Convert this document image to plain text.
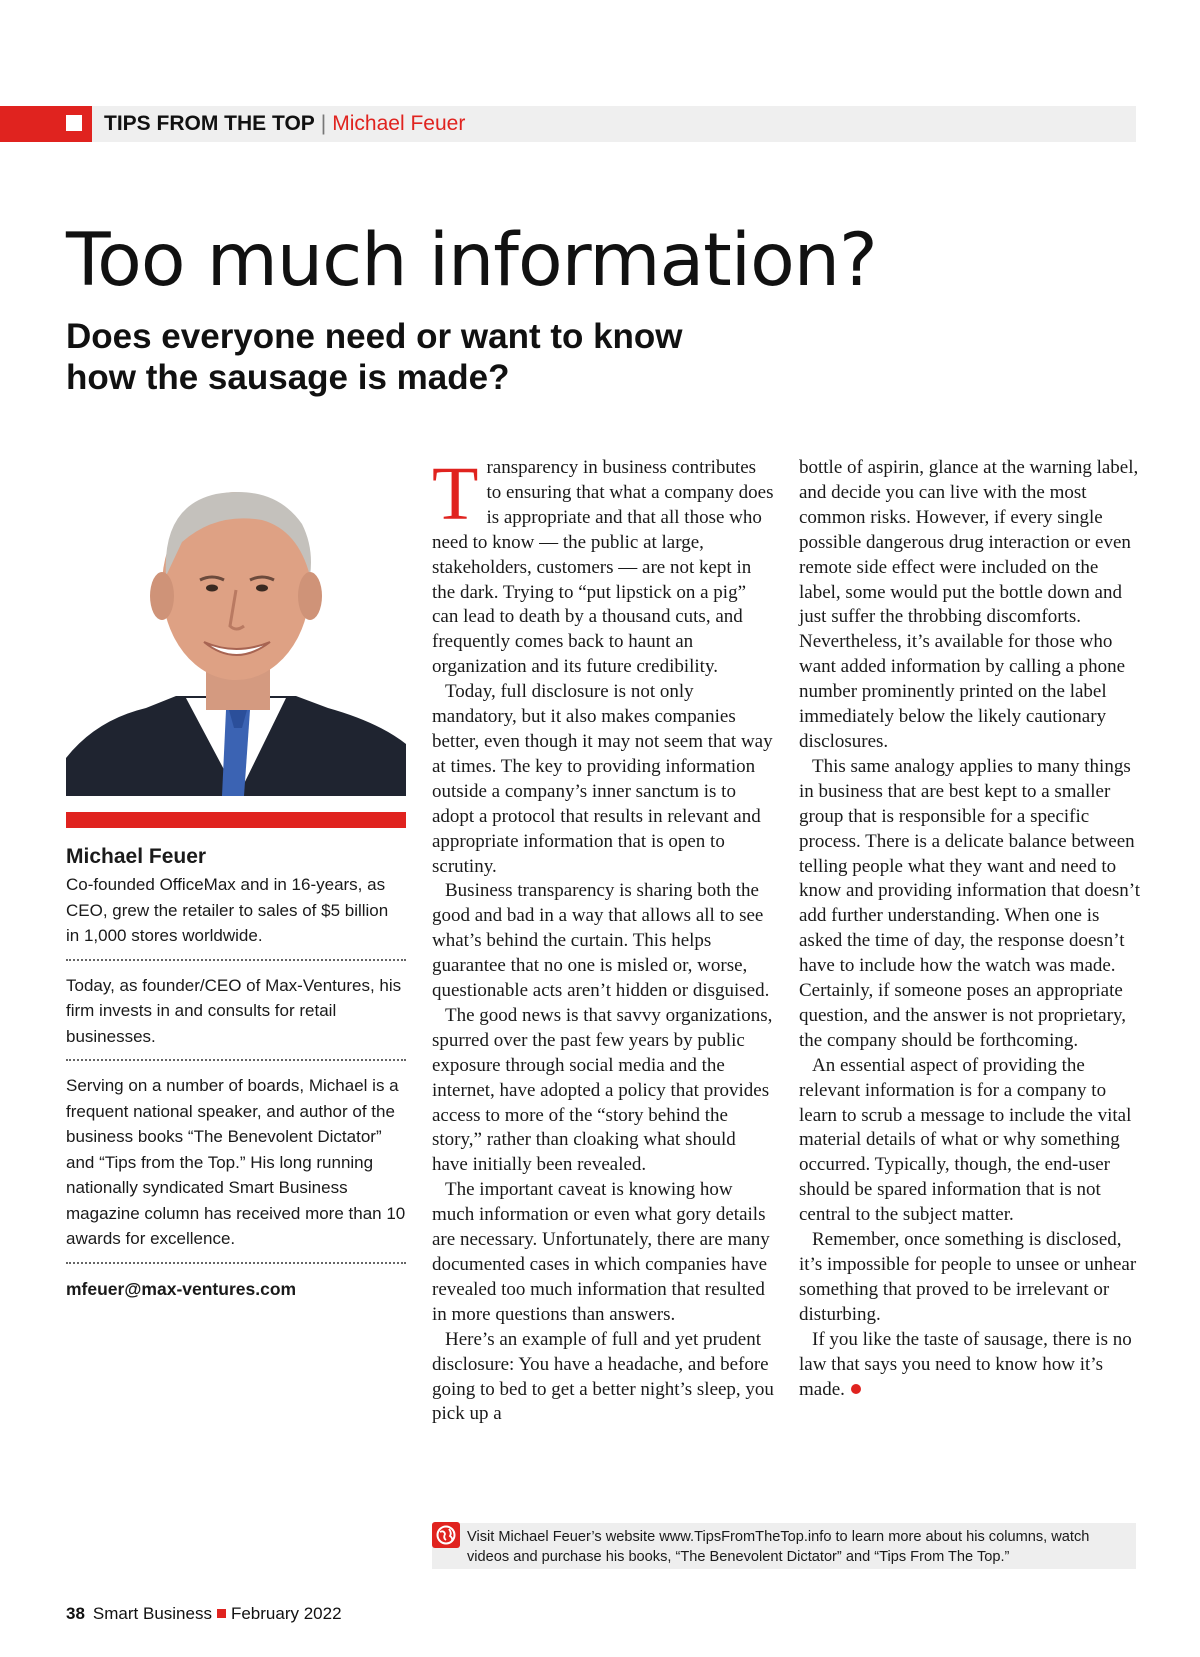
TIPS FROM THE TOP | Michael Feuer
Too much information?
Does everyone need or want to know how the sausage is made?
Michael Feuer
Co-founded OfficeMax and in 16-years, as CEO, grew the retailer to sales of $5 billion in 1,000 stores worldwide.
Today, as founder/CEO of Max-Ventures, his firm invests in and consults for retail businesses.
Serving on a number of boards, Michael is a frequent national speaker, and author of the business books “The Benevolent Dictator” and “Tips from the Top.” His long running nationally syndicated Smart Business magazine column has received more than 10 awards for excellence.
mfeuer@max-ventures.com

Transparency in business contributes to ensuring that what a company does is appropriate and that all those who need to know — the public at large, stakeholders, customers — are not kept in the dark. Trying to “put lipstick on a pig” can lead to death by a thousand cuts, and frequently comes back to haunt an organization and its future credibility.

Today, full disclosure is not only mandatory, but it also makes companies better, even though it may not seem that way at times. The key to providing information outside a company’s inner sanctum is to adopt a protocol that results in relevant and appropriate information that is open to scrutiny.

Business transparency is sharing both the good and bad in a way that allows all to see what’s behind the curtain. This helps guarantee that no one is misled or, worse, questionable acts aren’t hidden or disguised.

The good news is that savvy organizations, spurred over the past few years by public exposure through social media and the internet, have adopted a policy that provides access to more of the “story behind the story,” rather than cloaking what should have initially been revealed.

The important caveat is knowing how much information or even what gory details are necessary. Unfortunately, there are many documented cases in which companies have revealed too much information that resulted in more questions than answers.

Here’s an example of full and yet prudent disclosure: You have a headache, and before going to bed to get a better night’s sleep, you pick up a

bottle of aspirin, glance at the warning label, and decide you can live with the most common risks. However, if every single possible dangerous drug interaction or even remote side effect were included on the label, some would put the bottle down and just suffer the throbbing discomforts. Nevertheless, it’s available for those who want added information by calling a phone number prominently printed on the label immediately below the likely cautionary disclosures.

This same analogy applies to many things in business that are best kept to a smaller group that is responsible for a specific process. There is a delicate balance between telling people what they want and need to know and providing information that doesn’t add further understanding. When one is asked the time of day, the response doesn’t have to include how the watch was made. Certainly, if someone poses an appropriate question, and the answer is not proprietary, the company should be forthcoming.

An essential aspect of providing the relevant information is for a company to learn to scrub a message to include the vital material details of what or why something occurred. Typically, though, the end-user should be spared information that is not central to the subject matter.

Remember, once something is disclosed, it’s impossible for people to unsee or unhear something that proved to be irrelevant or disturbing.

If you like the taste of sausage, there is no law that says you need to know how it’s made.

Visit Michael Feuer’s website www.TipsFromTheTop.info to learn more about his columns, watch videos and purchase his books, “The Benevolent Dictator” and “Tips From The Top.”
38 Smart Business February 2022
